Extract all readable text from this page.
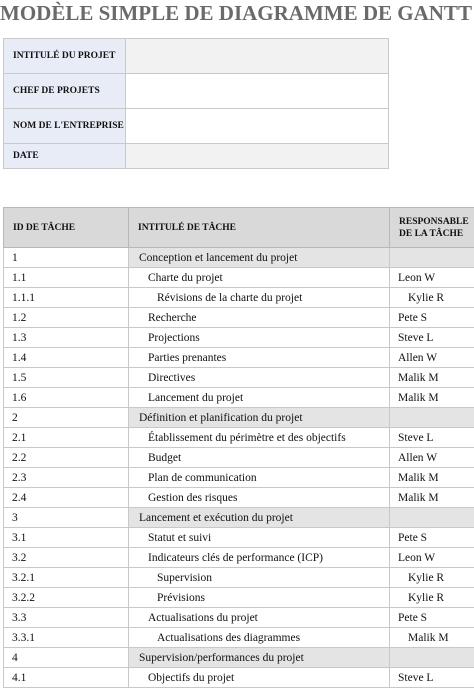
MODÈLE SIMPLE DE DIAGRAMME DE GANTT
INTITULÉ DU PROJET	
CHEF DE PROJETS	
NOM DE L'ENTREPRISE	
DATE	
ID DE TÂCHE	INTITULÉ DE TÂCHE	RESPONSABLE
DE LA TÂCHE
1	Conception et lancement du projet	
1.1	Charte du projet	Leon W
1.1.1	Révisions de la charte du projet	Kylie R
1.2	Recherche	Pete S
1.3	Projections	Steve L
1.4	Parties prenantes	Allen W
1.5	Directives	Malik M
1.6	Lancement du projet	Malik M
2	Définition et planification du projet	
2.1	Établissement du périmètre et des objectifs	Steve L
2.2	Budget	Allen W
2.3	Plan de communication	Malik M
2.4	Gestion des risques	Malik M
3	Lancement et exécution du projet	
3.1	Statut et suivi	Pete S
3.2	Indicateurs clés de performance (ICP)	Leon W
3.2.1	Supervision	Kylie R
3.2.2	Prévisions	Kylie R
3.3	Actualisations du projet	Pete S
3.3.1	Actualisations des diagrammes	Malik M
4	Supervision/performances du projet	
4.1	Objectifs du projet	Steve L
